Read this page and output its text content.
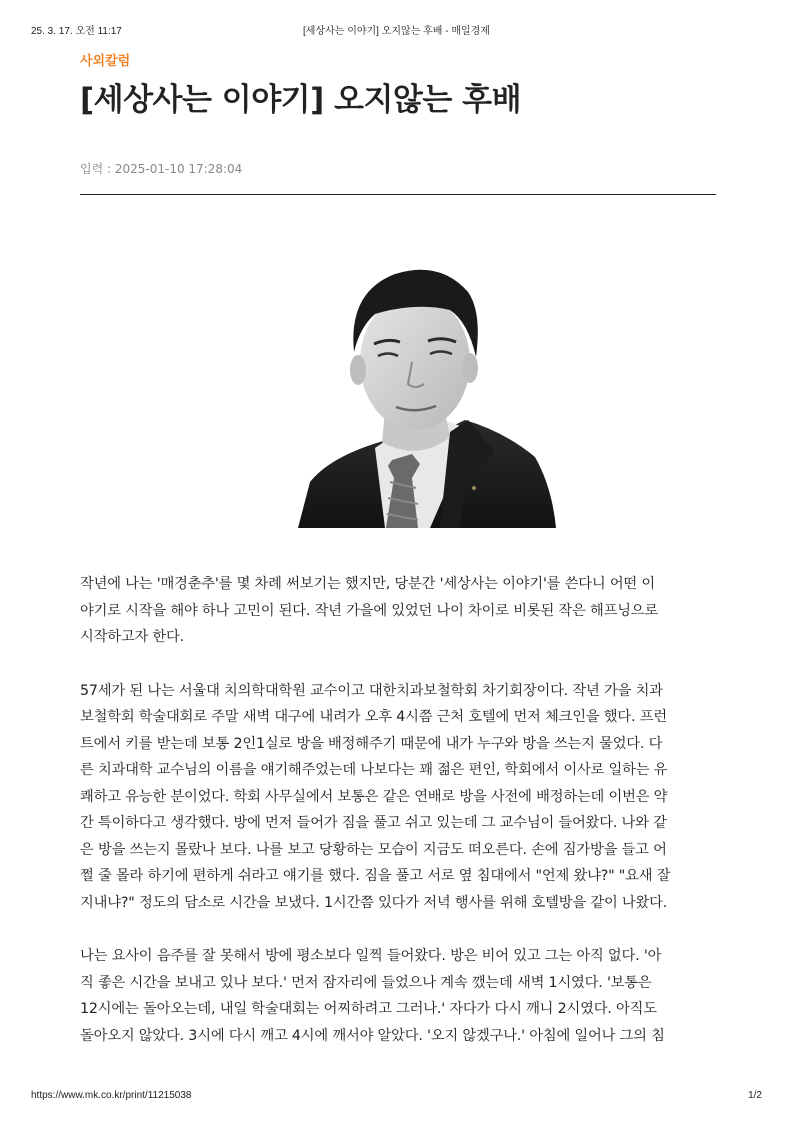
25. 3. 17. 오전 11:17	[세상사는 이야기] 오지않는 후배 - 매일경제
사외칼럼
[세상사는 이야기] 오지않는 후배
입력 : 2025-01-10 17:28:04

작년에 나는 '매경춘추'를 몇 차례 써보기는 했지만, 당분간 '세상사는 이야기'를 쓴다니 어떤 이
야기로 시작을 해야 하나 고민이 된다. 작년 가을에 있었던 나이 차이로 비롯된 작은 해프닝으로
시작하고자 한다.

57세가 된 나는 서울대 치의학대학원 교수이고 대한치과보철학회 차기회장이다. 작년 가을 치과
보철학회 학술대회로 주말 새벽 대구에 내려가 오후 4시쯤 근처 호텔에 먼저 체크인을 했다. 프런
트에서 키를 받는데 보통 2인1실로 방을 배정해주기 때문에 내가 누구와 방을 쓰는지 물었다. 다
른 치과대학 교수님의 이름을 얘기해주었는데 나보다는 꽤 젊은 편인, 학회에서 이사로 일하는 유
쾌하고 유능한 분이었다. 학회 사무실에서 보통은 같은 연배로 방을 사전에 배정하는데 이번은 약
간 특이하다고 생각했다. 방에 먼저 들어가 짐을 풀고 쉬고 있는데 그 교수님이 들어왔다. 나와 같
은 방을 쓰는지 몰랐나 보다. 나를 보고 당황하는 모습이 지금도 떠오른다. 손에 짐가방을 들고 어
쩔 줄 몰라 하기에 편하게 쉬라고 얘기를 했다. 짐을 풀고 서로 옆 침대에서 "언제 왔냐?" "요새 잘
지내냐?" 정도의 담소로 시간을 보냈다. 1시간쯤 있다가 저녁 행사를 위해 호텔방을 같이 나왔다.

나는 요사이 음주를 잘 못해서 방에 평소보다 일찍 들어왔다. 방은 비어 있고 그는 아직 없다. '아
직 좋은 시간을 보내고 있나 보다.' 먼저 잠자리에 들었으나 계속 깼는데 새벽 1시였다. '보통은
12시에는 돌아오는데, 내일 학술대회는 어찌하려고 그러나.' 자다가 다시 깨니 2시였다. 아직도
돌아오지 않았다. 3시에 다시 깨고 4시에 깨서야 알았다. '오지 않겠구나.' 아침에 일어나 그의 침

https://www.mk.co.kr/print/11215038	1/2
